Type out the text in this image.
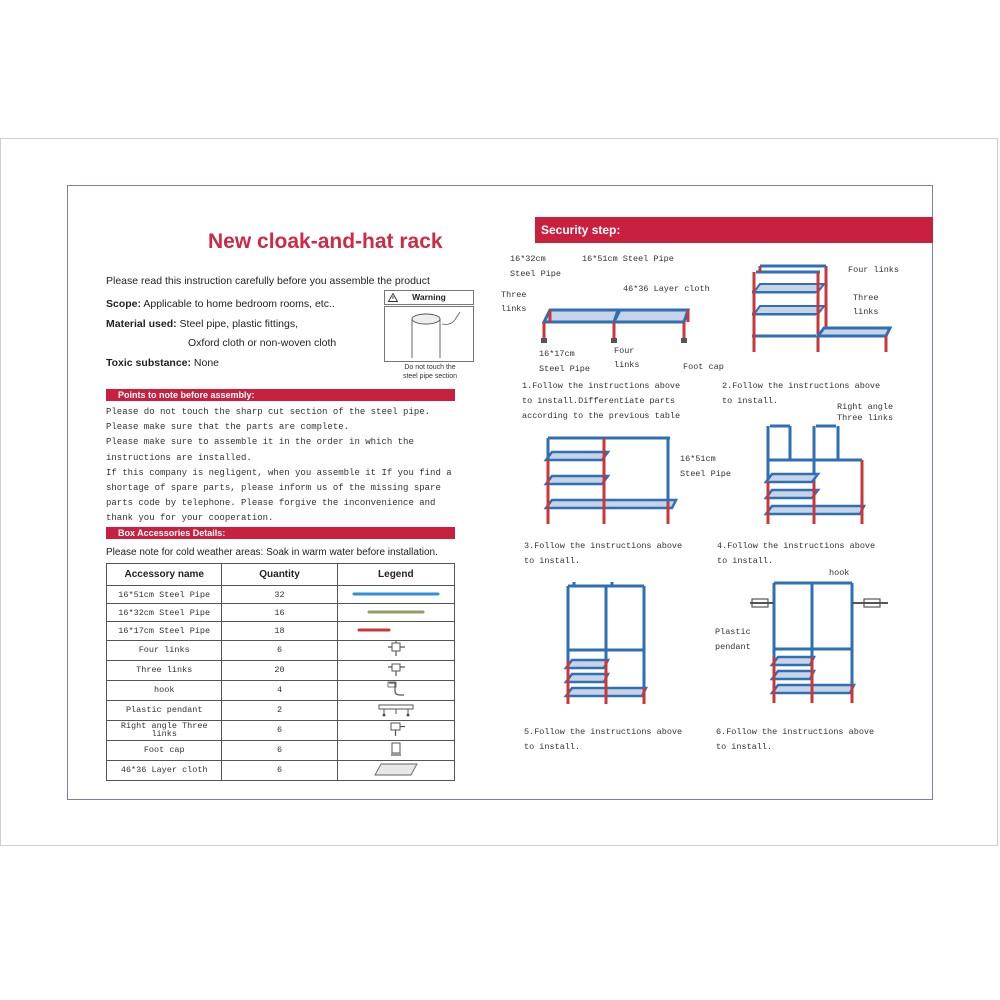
New cloak-and-hat rack
Please read this instruction carefully before you assemble the product
Scope: Applicable to home bedroom rooms, etc..
Material used: Steel pipe, plastic fittings,
Oxford cloth or non-woven cloth
Toxic substance: None
Warning
Do not touch the
steel pipe section
Points to note before assembly:
Please do not touch the sharp cut section of the steel pipe.
Please make sure that the parts are complete.
Please make sure to assemble it in the order in which the
instructions are installed.
If this company is negligent, when you assemble it If you find a
shortage of spare parts, please inform us of the missing spare
parts code by telephone. Please forgive the inconvenience and
thank you for your cooperation.
Box Accessories Details:
Please note for cold weather areas: Soak in warm water before installation.
Accessory name	Quantity	Legend
16*51cm Steel Pipe	32	
16*32cm Steel Pipe	16	
16*17cm Steel Pipe	18	
Four links	6	
Three links	20	
hook	4	
Plastic pendant	2	
Right angle Three links	6	
Foot cap	6	
46*36 Layer cloth	6	
Security step:
16*32cm
Steel Pipe
16*51cm Steel Pipe
46*36 Layer cloth
Three
links
16*17cm
Steel Pipe
Four
links	Foot cap
Four links
Three
links
16*51cm
Steel Pipe
Right angle
Three links
hook
Plastic
pendant
1.Follow the instructions above
to install.Differentiate parts
according to the previous table
2.Follow the instructions above
to install.
3.Follow the instructions above
to install.
4.Follow the instructions above
to install.
5.Follow the instructions above
to install.
6.Follow the instructions above
to install.
